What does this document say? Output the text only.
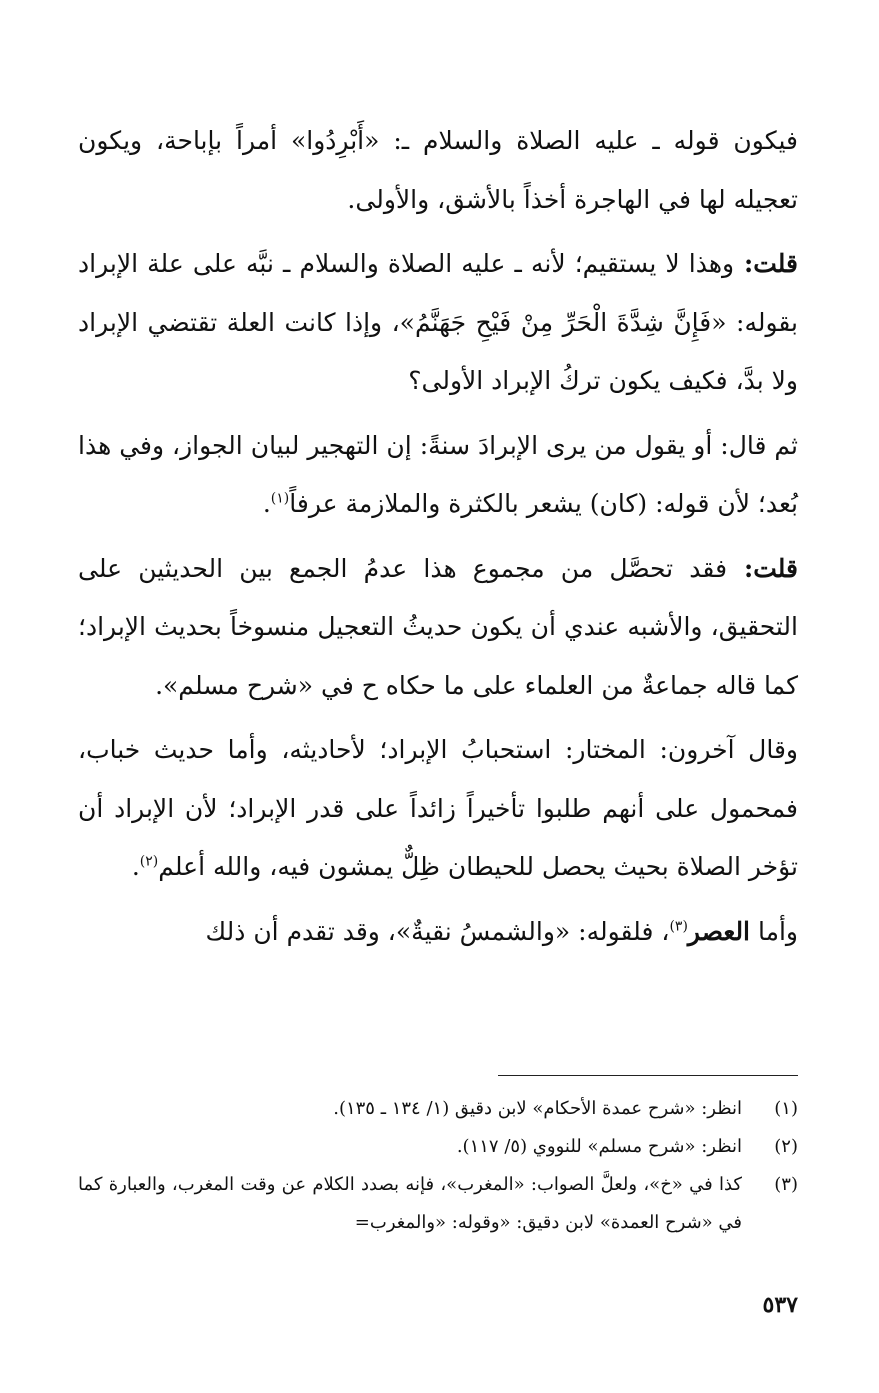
فيكون قوله ـ عليه الصلاة والسلام ـ: «أَبْرِدُوا» أمراً بإباحة، ويكون تعجيله لها في الهاجرة أخذاً بالأشق، والأولى.

قلت: وهذا لا يستقيم؛ لأنه ـ عليه الصلاة والسلام ـ نبَّه على علة الإبراد بقوله: «فَإِنَّ شِدَّةَ الْحَرِّ مِنْ فَيْحِ جَهَنَّمُ»، وإذا كانت العلة تقتضي الإبراد ولا بدَّ، فكيف يكون تركُ الإبراد الأولى؟

ثم قال: أو يقول من يرى الإبرادَ سنةً: إن التهجير لبيان الجواز، وفي هذا بُعد؛ لأن قوله: (كان) يشعر بالكثرة والملازمة عرفاً$^{(١)}$.

قلت: فقد تحصَّل من مجموع هذا عدمُ الجمع بين الحديثين على التحقيق، والأشبه عندي أن يكون حديثُ التعجيل منسوخاً بحديث الإبراد؛ كما قاله جماعةٌ من العلماء على ما حكاه ح في «شرح مسلم».

وقال آخرون: المختار: استحبابُ الإبراد؛ لأحاديثه، وأما حديث خباب، فمحمول على أنهم طلبوا تأخيراً زائداً على قدر الإبراد؛ لأن الإبراد أن تؤخر الصلاة بحيث يحصل للحيطان ظِلٌّ يمشون فيه، والله أعلم$^{(٢)}$.

وأما العصر$^{(٣)}$، فلقوله: «والشمسُ نقيةٌ»، وقد تقدم أن ذلك

(١)
انظر: «شرح عمدة الأحكام» لابن دقيق (١/ ١٣٤ ـ ١٣٥).
(٢)
انظر: «شرح مسلم» للنووي (٥/ ١١٧).
(٣)
كذا في «خ»، ولعلَّ الصواب: «المغرب»، فإنه بصدد الكلام عن وقت المغرب، والعبارة كما في «شرح العمدة» لابن دقيق: «وقوله: «والمغرب=
٥٣٧
